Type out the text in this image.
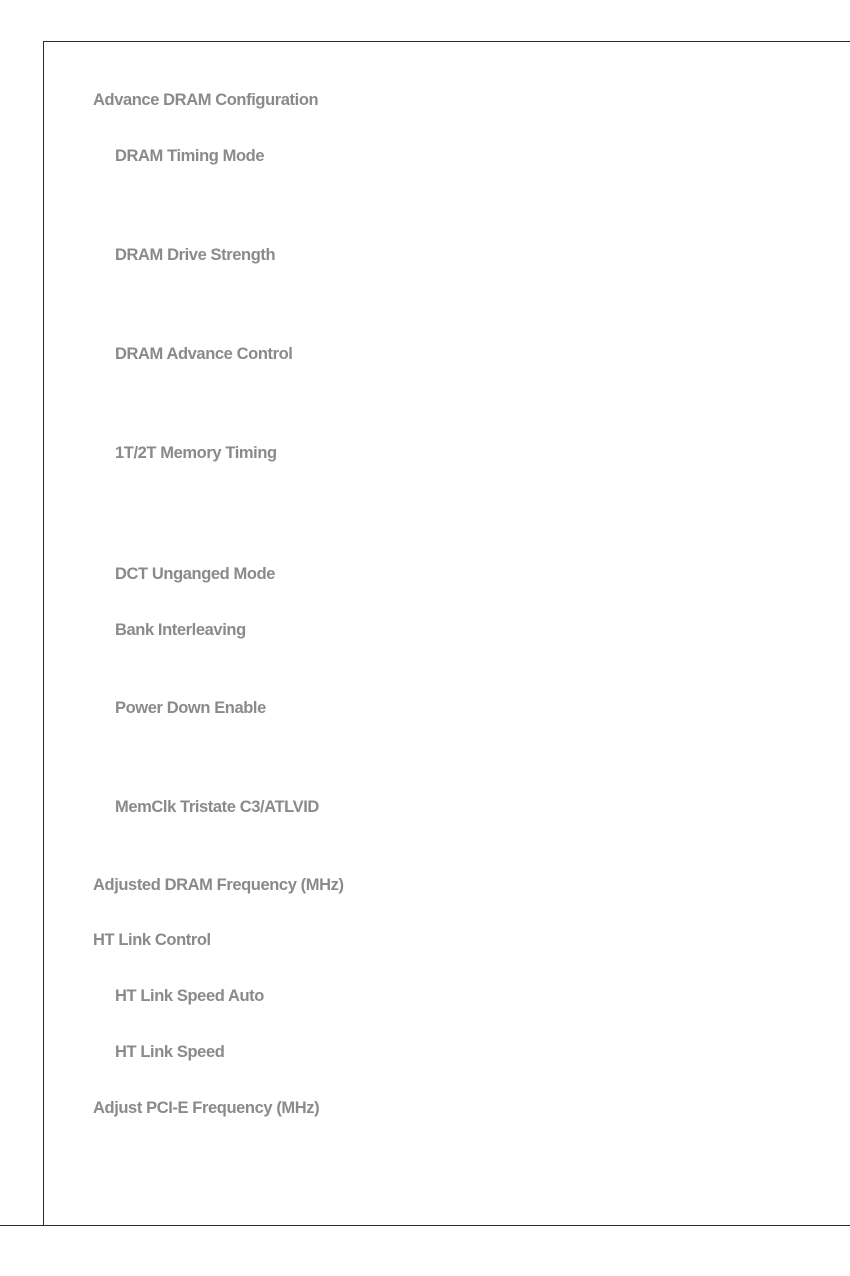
Advance DRAM Configuration
DRAM Timing Mode
DRAM Drive Strength
DRAM Advance Control
1T/2T Memory Timing
DCT Unganged Mode
Bank Interleaving
Power Down Enable
MemClk Tristate C3/ATLVID
Adjusted DRAM Frequency (MHz)
HT Link Control
HT Link Speed Auto
HT Link Speed
Adjust PCI-E Frequency (MHz)
